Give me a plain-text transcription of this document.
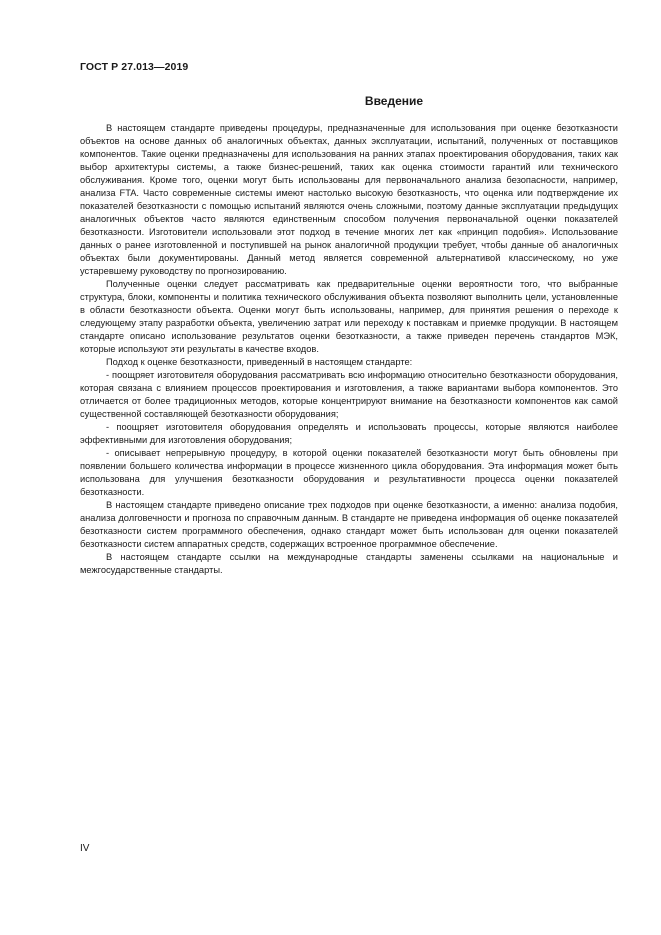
ГОСТ Р 27.013—2019
Введение

В настоящем стандарте приведены процедуры, предназначенные для использования при оценке безотказности объектов на основе данных об аналогичных объектах, данных эксплуатации, испытаний, полученных от поставщиков компонентов. Такие оценки предназначены для использования на ранних этапах проектирования оборудования, таких как выбор архитектуры системы, а также бизнес-решений, таких как оценка стоимости гарантий или технического обслуживания. Кроме того, оценки могут быть использованы для первоначального анализа безопасности, например, анализа FTA. Часто современные системы имеют настолько высокую безотказность, что оценка или подтверждение их показателей безотказности с помощью испытаний являются очень сложными, поэтому данные эксплуатации предыдущих аналогичных объектов часто являются единственным способом получения первоначальной оценки показателей безотказности. Изготовители использовали этот подход в течение многих лет как «принцип подобия». Использование данных о ранее изготовленной и поступившей на рынок аналогичной продукции требует, чтобы данные об аналогичных объектах были документированы. Данный метод является современной альтернативой классическому, но уже устаревшему руководству по прогнозированию.

Полученные оценки следует рассматривать как предварительные оценки вероятности того, что выбранные структура, блоки, компоненты и политика технического обслуживания объекта позволяют выполнить цели, установленные в области безотказности объекта. Оценки могут быть использованы, например, для принятия решения о переходе к следующему этапу разработки объекта, увеличению затрат или переходу к поставкам и приемке продукции. В настоящем стандарте описано использование результатов оценки безотказности, а также приведен перечень стандартов МЭК, которые используют эти результаты в качестве входов.

Подход к оценке безотказности, приведенный в настоящем стандарте:

- поощряет изготовителя оборудования рассматривать всю информацию относительно безотказности оборудования, которая связана с влиянием процессов проектирования и изготовления, а также вариантами выбора компонентов. Это отличается от более традиционных методов, которые концентрируют внимание на безотказности компонентов как самой существенной составляющей безотказности оборудования;

- поощряет изготовителя оборудования определять и использовать процессы, которые являются наиболее эффективными для изготовления оборудования;

- описывает непрерывную процедуру, в которой оценки показателей безотказности могут быть обновлены при появлении большего количества информации в процессе жизненного цикла оборудования. Эта информация может быть использована для улучшения безотказности оборудования и результативности процесса оценки показателей безотказности.

В настоящем стандарте приведено описание трех подходов при оценке безотказности, а именно: анализа подобия, анализа долговечности и прогноза по справочным данным. В стандарте не приведена информация об оценке показателей безотказности систем программного обеспечения, однако стандарт может быть использован для оценки показателей безотказности систем аппаратных средств, содержащих встроенное программное обеспечение.

В настоящем стандарте ссылки на международные стандарты заменены ссылками на национальные и межгосударственные стандарты.

IV
